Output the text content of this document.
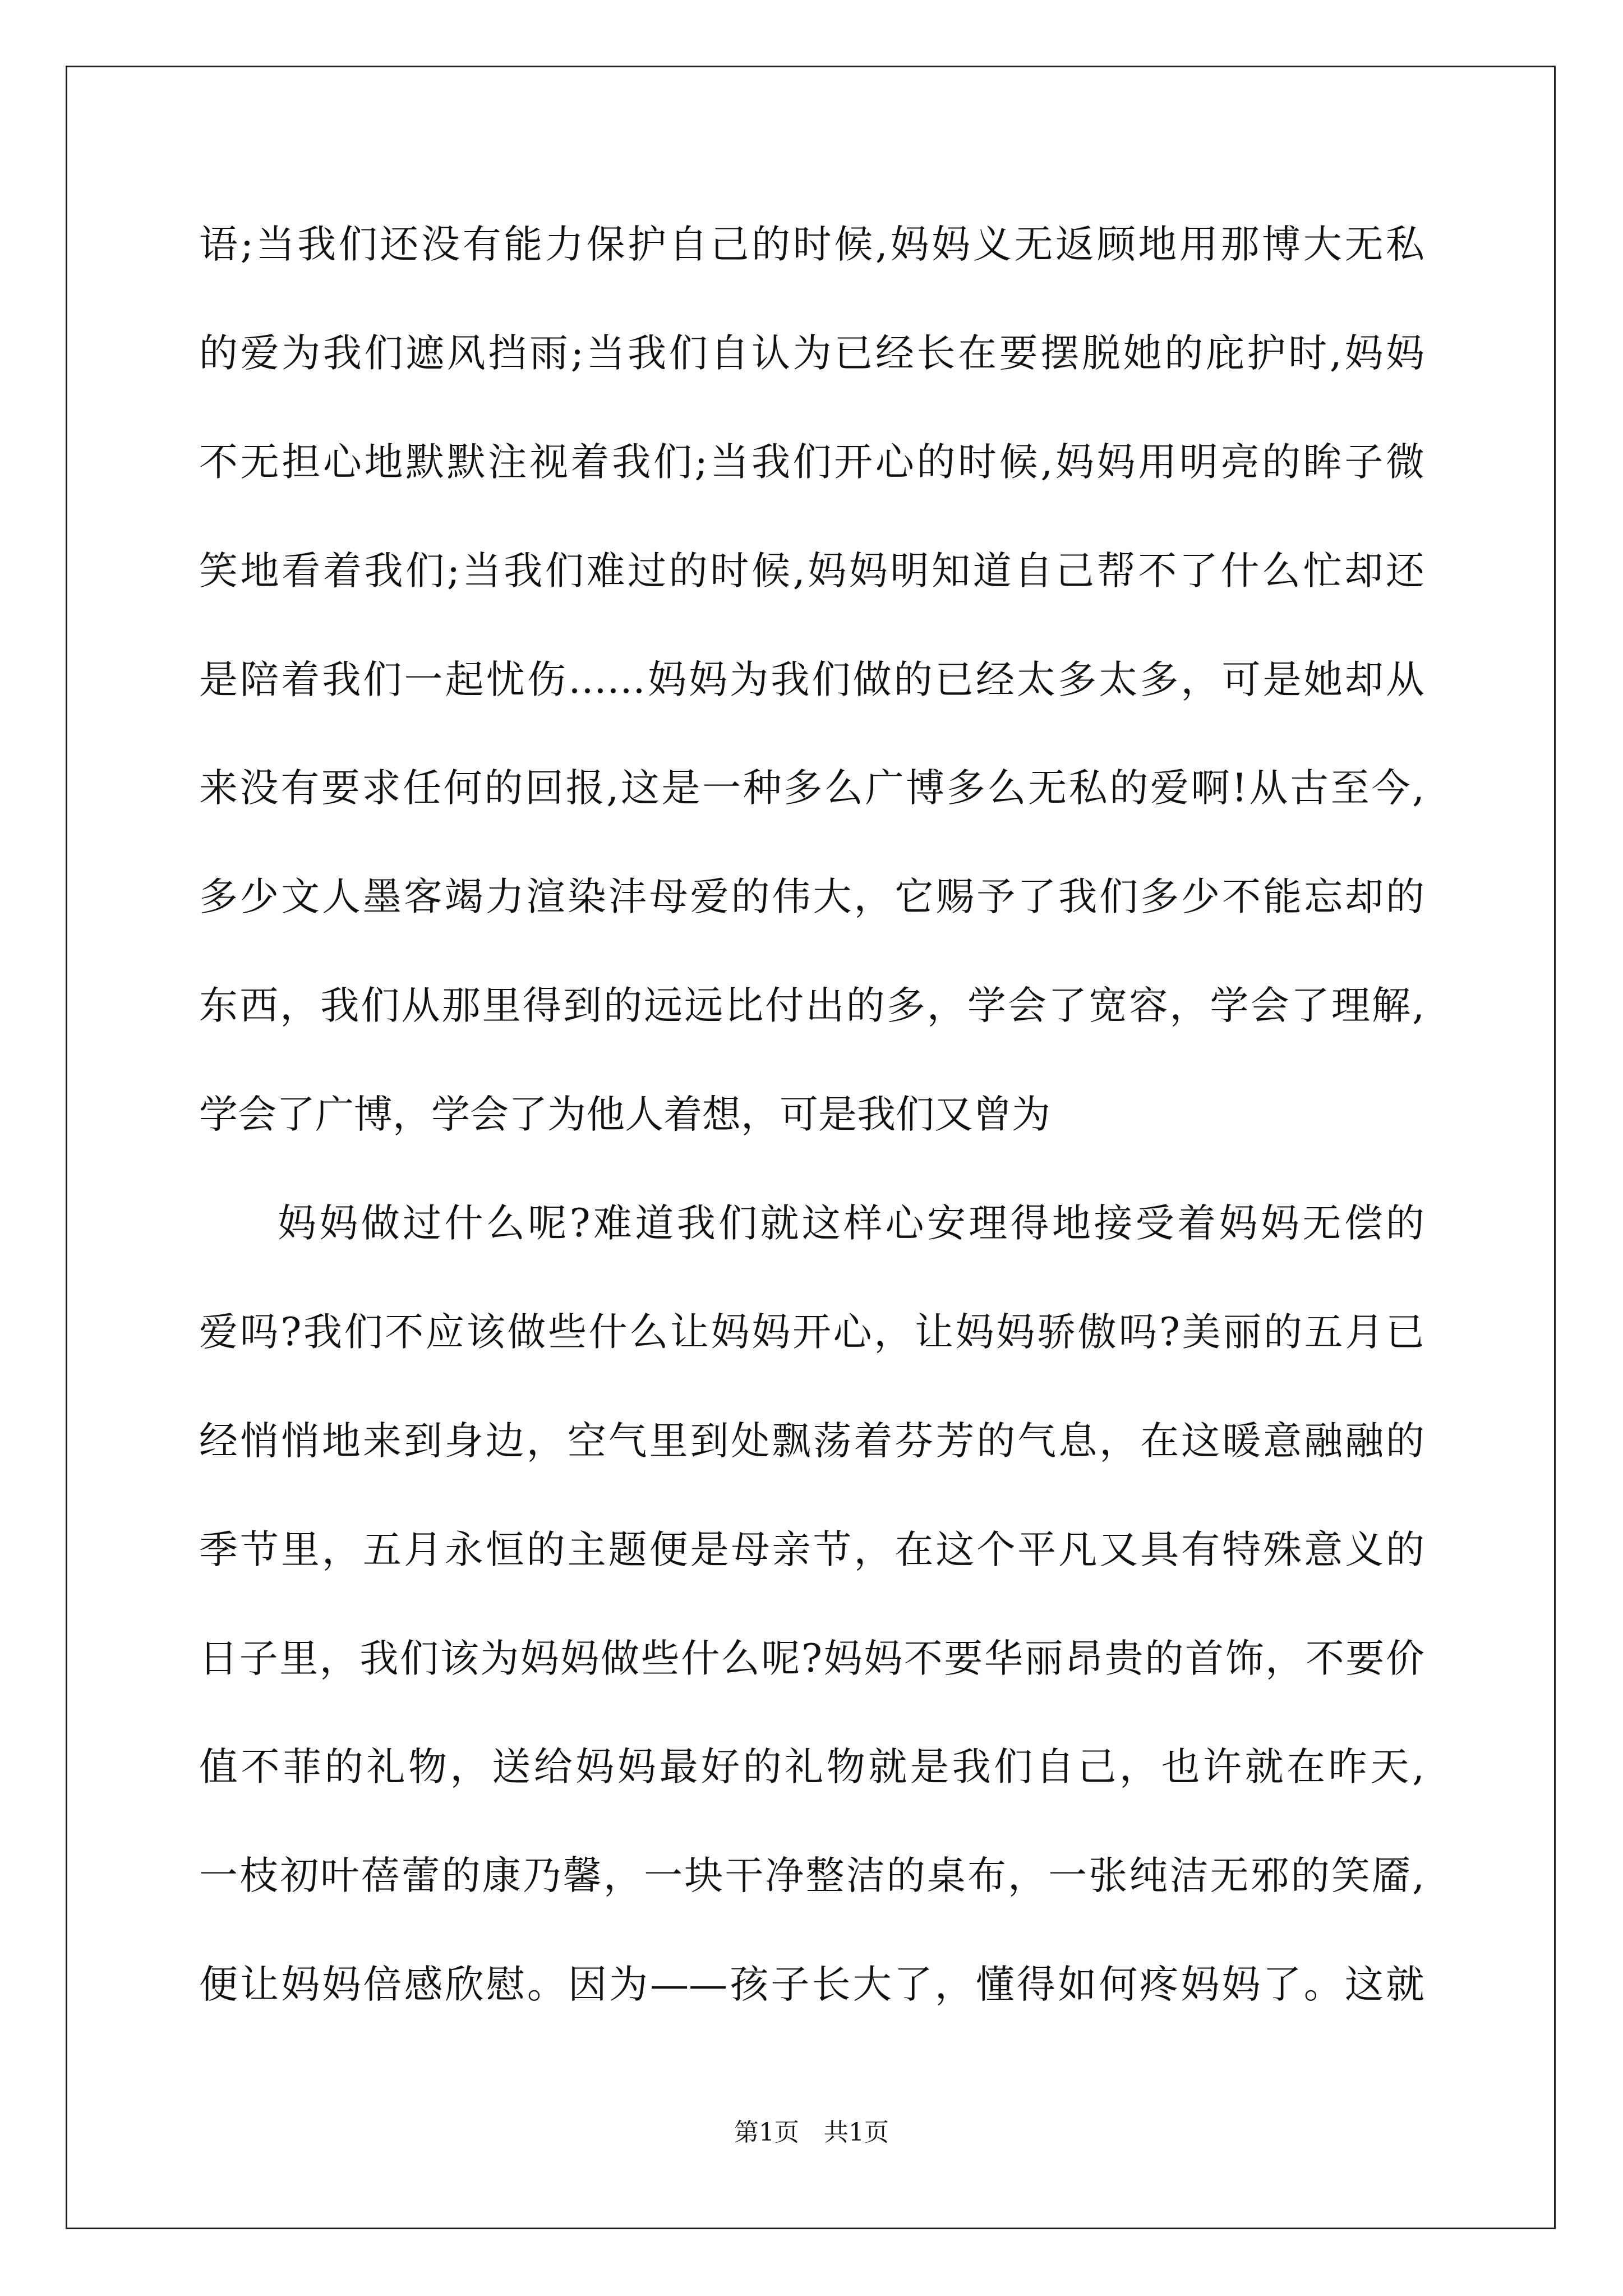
语;当我们还没有能力保护自己的时候,妈妈义无返顾地用那博大无私
的爱为我们遮风挡雨;当我们自认为已经长在要摆脱她的庇护时,妈妈
不无担心地默默注视着我们;当我们开心的时候,妈妈用明亮的眸子微
笑地看着我们;当我们难过的时候,妈妈明知道自己帮不了什么忙却还
是陪着我们一起忧伤……妈妈为我们做的已经太多太多，可是她却从
来没有要求任何的回报,这是一种多么广博多么无私的爱啊!从古至今,
多少文人墨客竭力渲染沣母爱的伟大，它赐予了我们多少不能忘却的
东西，我们从那里得到的远远比付出的多，学会了宽容，学会了理解,
学会了广博，学会了为他人着想，可是我们又曾为
妈妈做过什么呢?难道我们就这样心安理得地接受着妈妈无偿的
爱吗?我们不应该做些什么让妈妈开心，让妈妈骄傲吗?美丽的五月已
经悄悄地来到身边，空气里到处飘荡着芬芳的气息，在这暖意融融的
季节里，五月永恒的主题便是母亲节，在这个平凡又具有特殊意义的
日子里，我们该为妈妈做些什么呢?妈妈不要华丽昂贵的首饰，不要价
值不菲的礼物，送给妈妈最好的礼物就是我们自己，也许就在昨天,
一枝初叶蓓蕾的康乃馨，一块干净整洁的桌布，一张纯洁无邪的笑靥,
便让妈妈倍感欣慰。因为——孩子长大了，懂得如何疼妈妈了。这就
第1页　共1页
